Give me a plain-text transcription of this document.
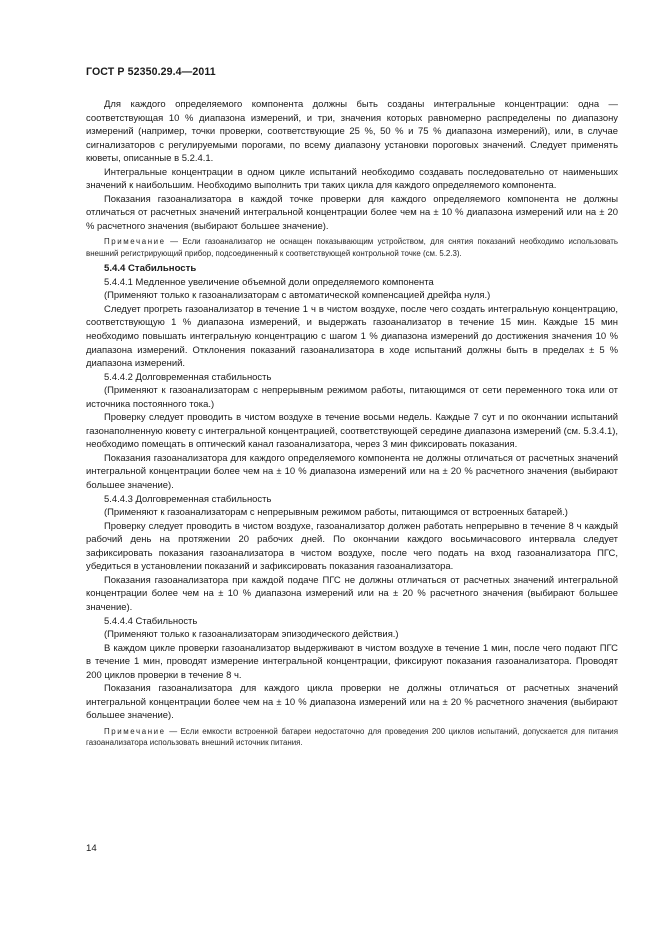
ГОСТ Р 52350.29.4—2011

Для каждого определяемого компонента должны быть созданы интегральные концентрации: одна — соответствующая 10 % диапазона измерений, и три, значения которых равномерно распределены по диапазону измерений (например, точки проверки, соответствующие 25 %, 50 % и 75 % диапазона измерений), или, в случае сигнализаторов с регулируемыми порогами, по всему диапазону установки пороговых значений. Следует применять кюветы, описанные в 5.2.4.1.

Интегральные концентрации в одном цикле испытаний необходимо создавать последовательно от наименьших значений к наибольшим. Необходимо выполнить три таких цикла для каждого определяемого компонента.

Показания газоанализатора в каждой точке проверки для каждого определяемого компонента не должны отличаться от расчетных значений интегральной концентрации более чем на ± 10 % диапазона измерений или на ± 20 % расчетного значения (выбирают большее значение).

Примечание — Если газоанализатор не оснащен показывающим устройством, для снятия показаний необходимо использовать внешний регистрирующий прибор, подсоединенный к соответствующей контрольной точке (см. 5.2.3).

5.4.4 Стабильность

5.4.4.1 Медленное увеличение объемной доли определяемого компонента

(Применяют только к газоанализаторам с автоматической компенсацией дрейфа нуля.)

Следует прогреть газоанализатор в течение 1 ч в чистом воздухе, после чего создать интегральную концентрацию, соответствующую 1 % диапазона измерений, и выдержать газоанализатор в течение 15 мин. Каждые 15 мин необходимо повышать интегральную концентрацию с шагом 1 % диапазона измерений до достижения значения 10 % диапазона измерений. Отклонения показаний газоанализатора в ходе испытаний должны быть в пределах ± 5 % диапазона измерений.

5.4.4.2 Долговременная стабильность

(Применяют к газоанализаторам с непрерывным режимом работы, питающимся от сети переменного тока или от источника постоянного тока.)

Проверку следует проводить в чистом воздухе в течение восьми недель. Каждые 7 сут и по окончании испытаний газонаполненную кювету с интегральной концентрацией, соответствующей середине диапазона измерений (см. 5.3.4.1), необходимо помещать в оптический канал газоанализатора, через 3 мин фиксировать показания.

Показания газоанализатора для каждого определяемого компонента не должны отличаться от расчетных значений интегральной концентрации более чем на ± 10 % диапазона измерений или на ± 20 % расчетного значения (выбирают большее значение).

5.4.4.3 Долговременная стабильность

(Применяют к газоанализаторам с непрерывным режимом работы, питающимся от встроенных батарей.)

Проверку следует проводить в чистом воздухе, газоанализатор должен работать непрерывно в течение 8 ч каждый рабочий день на протяжении 20 рабочих дней. По окончании каждого восьмичасового интервала следует зафиксировать показания газоанализатора в чистом воздухе, после чего подать на вход газоанализатора ПГС, убедиться в установлении показаний и зафиксировать показания газоанализатора.

Показания газоанализатора при каждой подаче ПГС не должны отличаться от расчетных значений интегральной концентрации более чем на ± 10 % диапазона измерений или на ± 20 % расчетного значения (выбирают большее значение).

5.4.4.4 Стабильность

(Применяют только к газоанализаторам эпизодического действия.)

В каждом цикле проверки газоанализатор выдерживают в чистом воздухе в течение 1 мин, после чего подают ПГС в течение 1 мин, проводят измерение интегральной концентрации, фиксируют показания газоанализатора. Проводят 200 циклов проверки в течение 8 ч.

Показания газоанализатора для каждого цикла проверки не должны отличаться от расчетных значений интегральной концентрации более чем на ± 10 % диапазона измерений или на ± 20 % расчетного значения (выбирают большее значение).

Примечание — Если емкости встроенной батареи недостаточно для проведения 200 циклов испытаний, допускается для питания газоанализатора использовать внешний источник питания.

14
